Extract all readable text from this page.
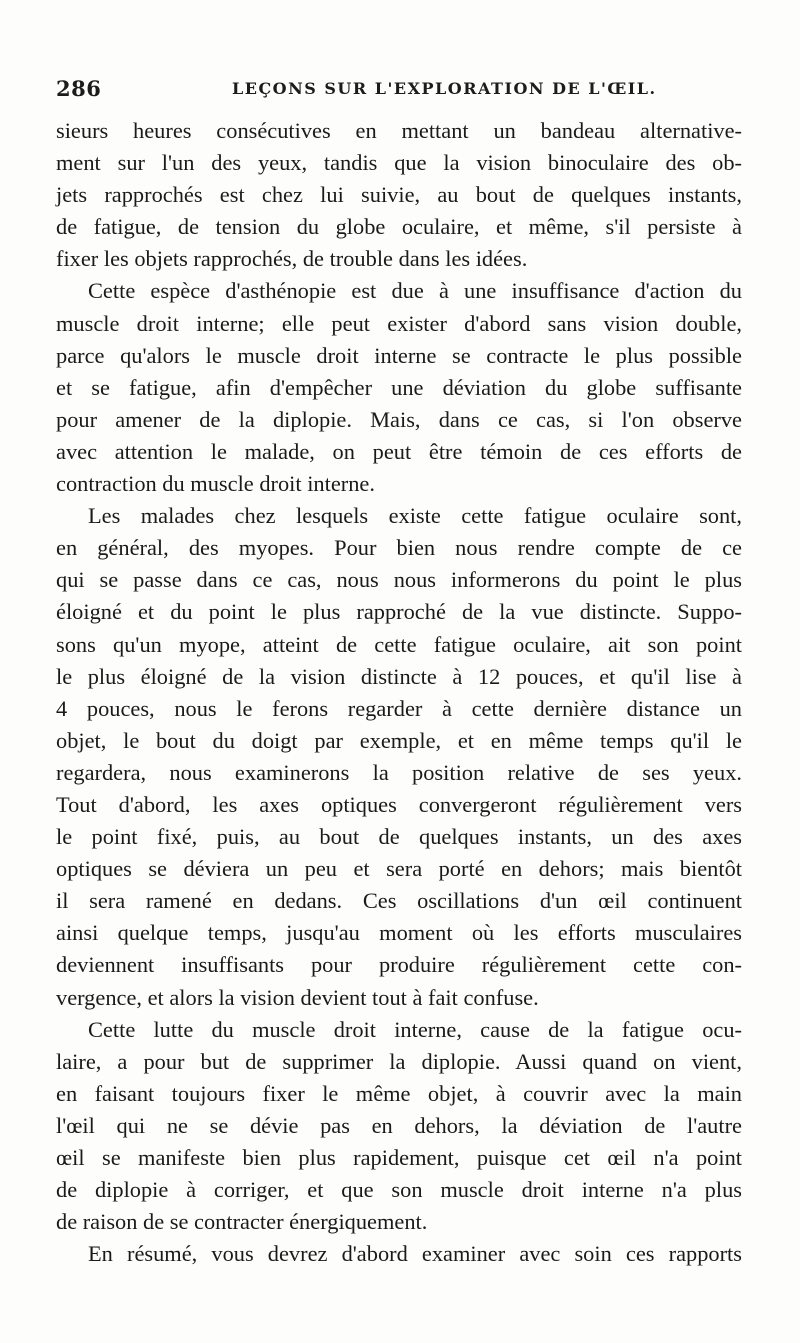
286	LEÇONS SUR L'EXPLORATION DE L'ŒIL.

sieurs heures consécutives en mettant un bandeau alternative-
ment sur l'un des yeux, tandis que la vision binoculaire des ob-
jets rapprochés est chez lui suivie, au bout de quelques instants,
de fatigue, de tension du globe oculaire, et même, s'il persiste à
fixer les objets rapprochés, de trouble dans les idées.

Cette espèce d'asthénopie est due à une insuffisance d'action du
muscle droit interne; elle peut exister d'abord sans vision double,
parce qu'alors le muscle droit interne se contracte le plus possible
et se fatigue, afin d'empêcher une déviation du globe suffisante
pour amener de la diplopie. Mais, dans ce cas, si l'on observe
avec attention le malade, on peut être témoin de ces efforts de
contraction du muscle droit interne.

Les malades chez lesquels existe cette fatigue oculaire sont,
en général, des myopes. Pour bien nous rendre compte de ce
qui se passe dans ce cas, nous nous informerons du point le plus
éloigné et du point le plus rapproché de la vue distincte. Suppo-
sons qu'un myope, atteint de cette fatigue oculaire, ait son point
le plus éloigné de la vision distincte à 12 pouces, et qu'il lise à
4 pouces, nous le ferons regarder à cette dernière distance un
objet, le bout du doigt par exemple, et en même temps qu'il le
regardera, nous examinerons la position relative de ses yeux.
Tout d'abord, les axes optiques convergeront régulièrement vers
le point fixé, puis, au bout de quelques instants, un des axes
optiques se déviera un peu et sera porté en dehors; mais bientôt
il sera ramené en dedans. Ces oscillations d'un œil continuent
ainsi quelque temps, jusqu'au moment où les efforts musculaires
deviennent insuffisants pour produire régulièrement cette con-
vergence, et alors la vision devient tout à fait confuse.

Cette lutte du muscle droit interne, cause de la fatigue ocu-
laire, a pour but de supprimer la diplopie. Aussi quand on vient,
en faisant toujours fixer le même objet, à couvrir avec la main
l'œil qui ne se dévie pas en dehors, la déviation de l'autre
œil se manifeste bien plus rapidement, puisque cet œil n'a point
de diplopie à corriger, et que son muscle droit interne n'a plus
de raison de se contracter énergiquement.

En résumé, vous devrez d'abord examiner avec soin ces rapports
